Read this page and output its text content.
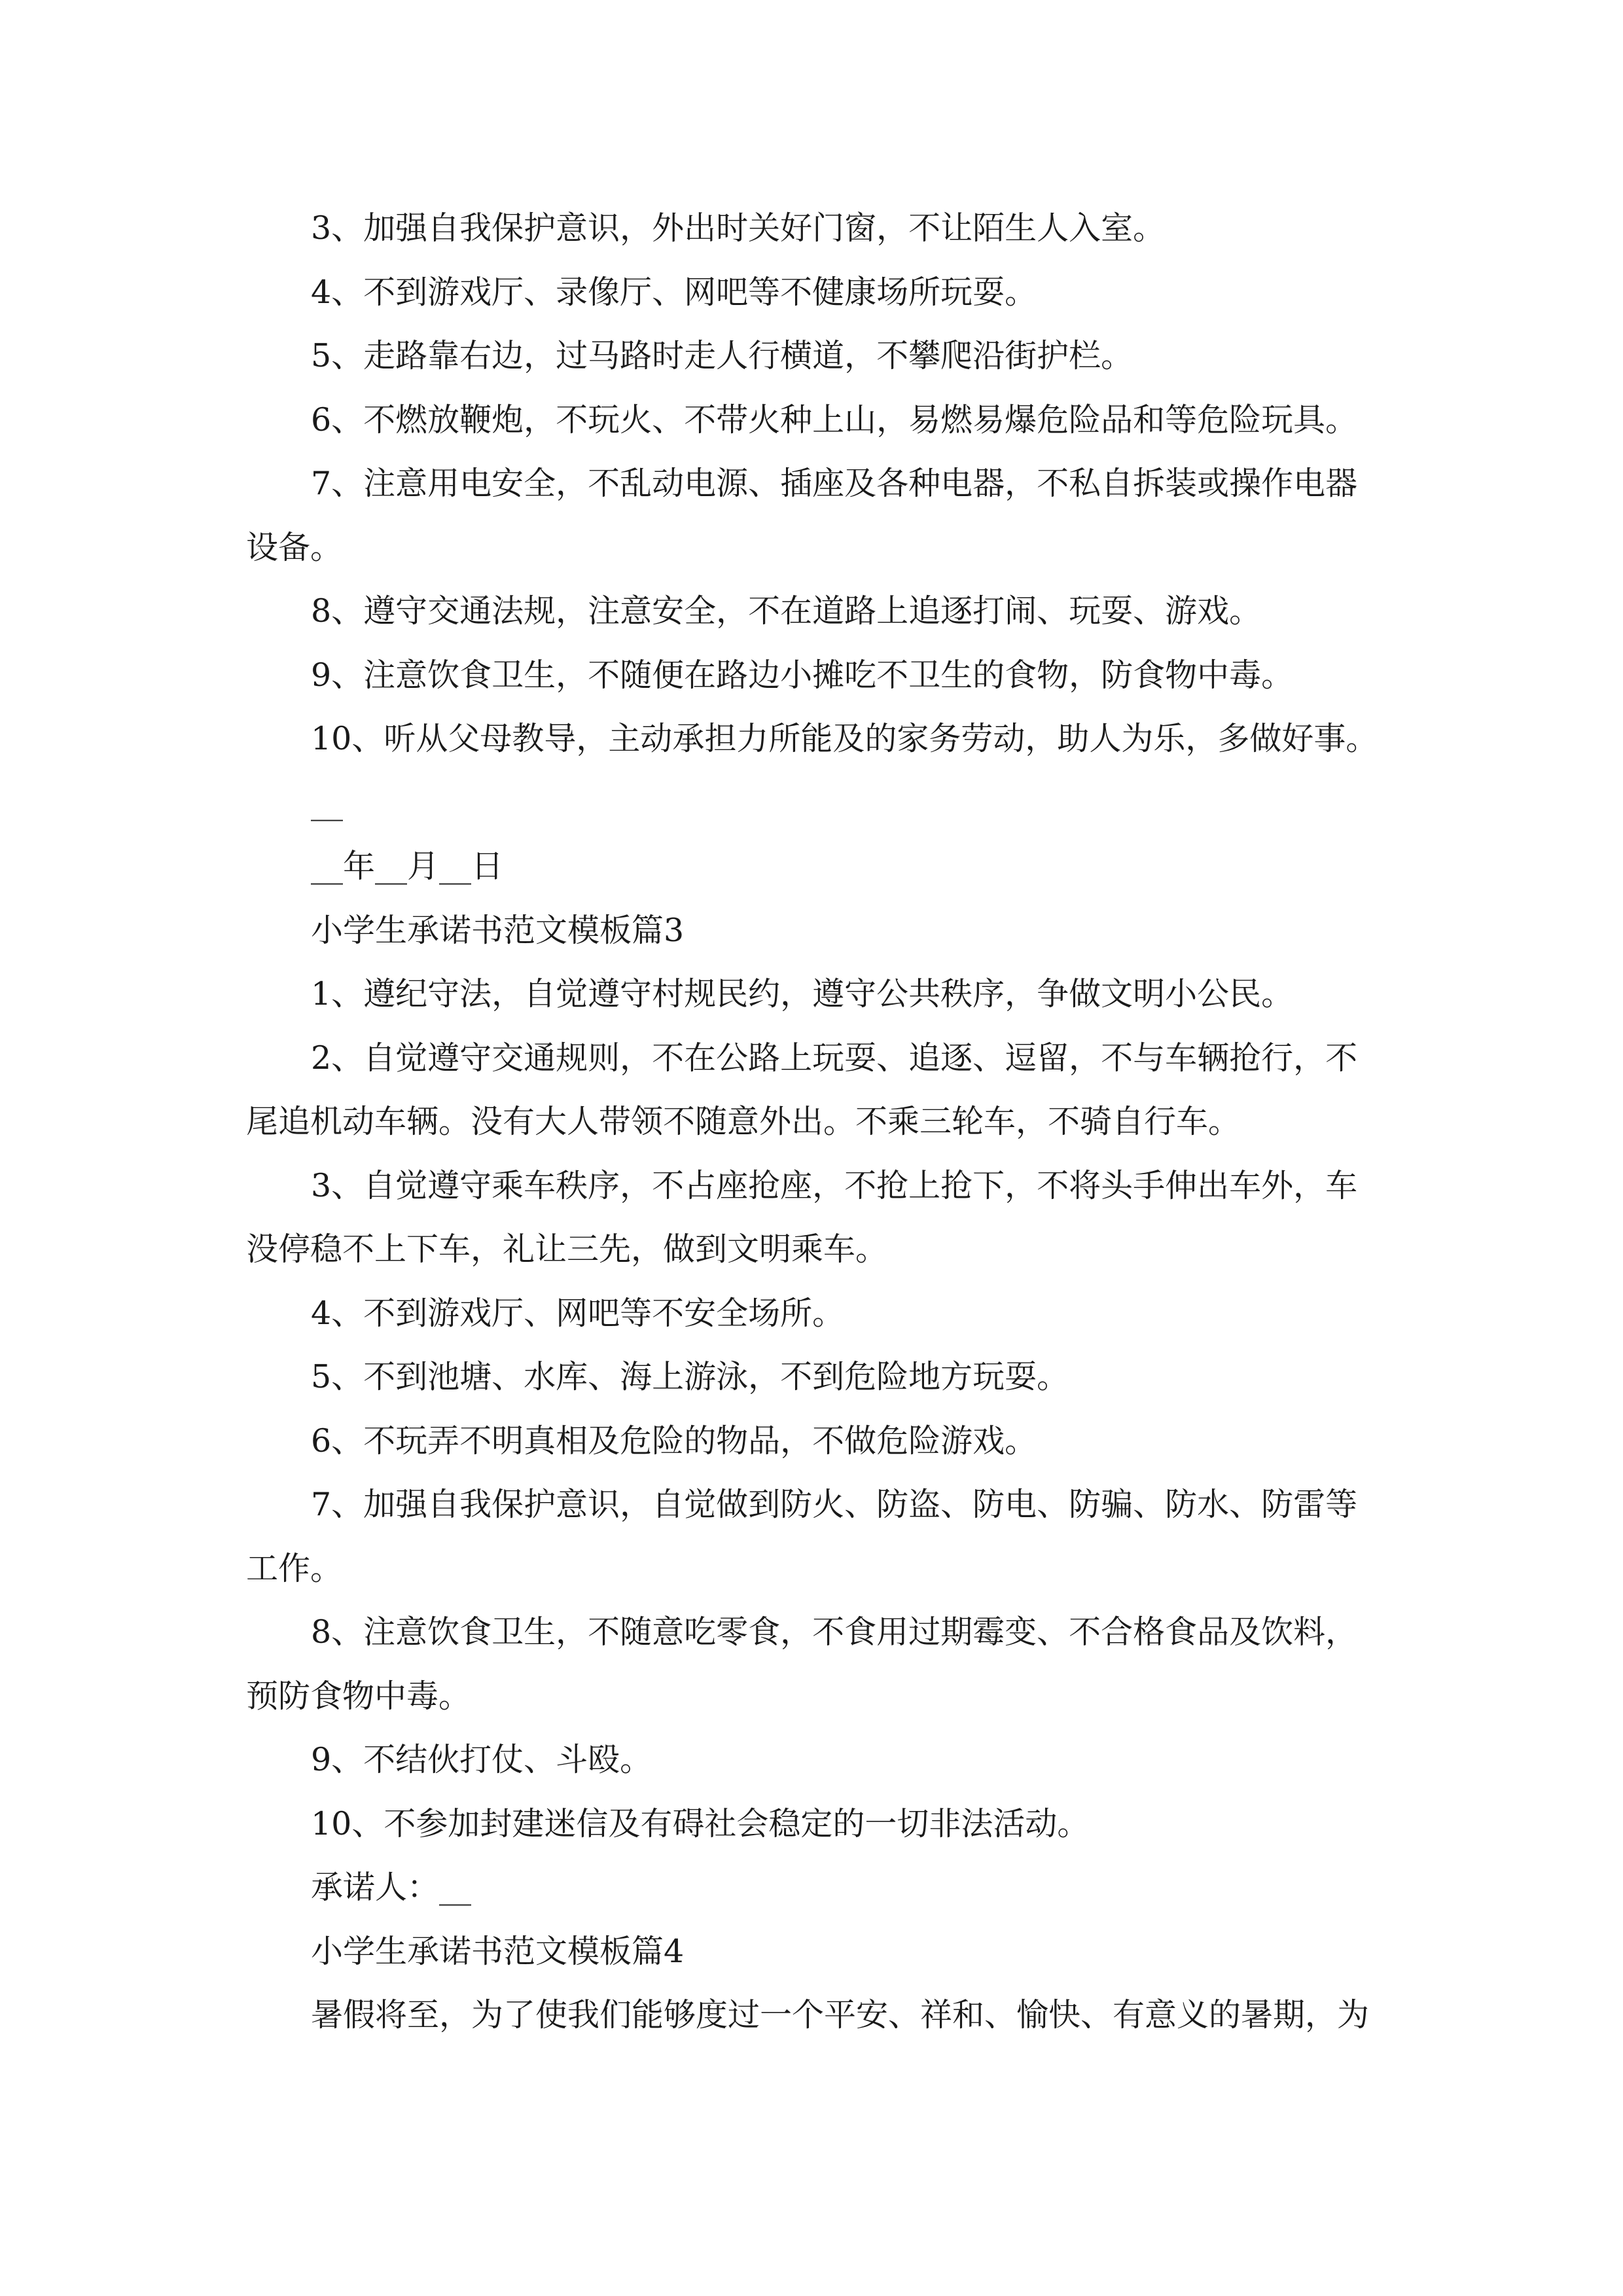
3、加强自我保护意识，外出时关好门窗，不让陌生人入室。

4、不到游戏厅、录像厅、网吧等不健康场所玩耍。

5、走路靠右边，过马路时走人行横道，不攀爬沿街护栏。

6、不燃放鞭炮，不玩火、不带火种上山，易燃易爆危险品和等危险玩具。

7、注意用电安全，不乱动电源、插座及各种电器，不私自拆装或操作电器设备。

8、遵守交通法规，注意安全，不在道路上追逐打闹、玩耍、游戏。

9、注意饮食卫生，不随便在路边小摊吃不卫生的食物，防食物中毒。

10、听从父母教导，主动承担力所能及的家务劳动，助人为乐，多做好事。

__

__年__月__日

小学生承诺书范文模板篇3

1、遵纪守法，自觉遵守村规民约，遵守公共秩序，争做文明小公民。

2、自觉遵守交通规则，不在公路上玩耍、追逐、逗留，不与车辆抢行，不尾追机动车辆。没有大人带领不随意外出。不乘三轮车，不骑自行车。

3、自觉遵守乘车秩序，不占座抢座，不抢上抢下，不将头手伸出车外，车没停稳不上下车，礼让三先，做到文明乘车。

4、不到游戏厅、网吧等不安全场所。

5、不到池塘、水库、海上游泳，不到危险地方玩耍。

6、不玩弄不明真相及危险的物品，不做危险游戏。

7、加强自我保护意识，自觉做到防火、防盗、防电、防骗、防水、防雷等工作。

8、注意饮食卫生，不随意吃零食，不食用过期霉变、不合格食品及饮料，预防食物中毒。

9、不结伙打仗、斗殴。

10、不参加封建迷信及有碍社会稳定的一切非法活动。

承诺人：__

小学生承诺书范文模板篇4

暑假将至，为了使我们能够度过一个平安、祥和、愉快、有意义的暑期，为
